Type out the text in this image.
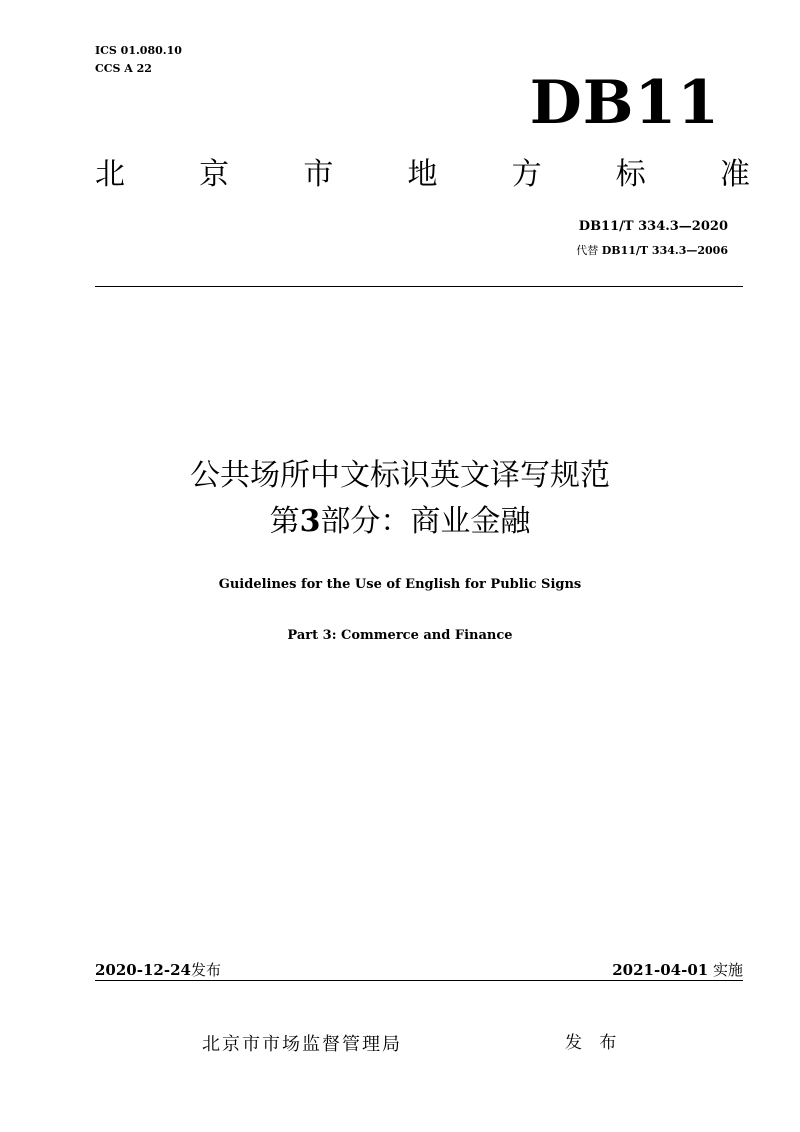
ICS 01.080.10
CCS A 22	DB11
北 京 市 地 方 标 准
DB11/T 334.3—2020
代替 DB11/T 334.3—2006
公共场所中文标识英文译写规范
第3部分：商业金融
Guidelines for the Use of English for Public Signs
Part 3: Commerce and Finance
2020-12-24发布	2021-04-01 实施
北京市市场监督管理局	发 布
